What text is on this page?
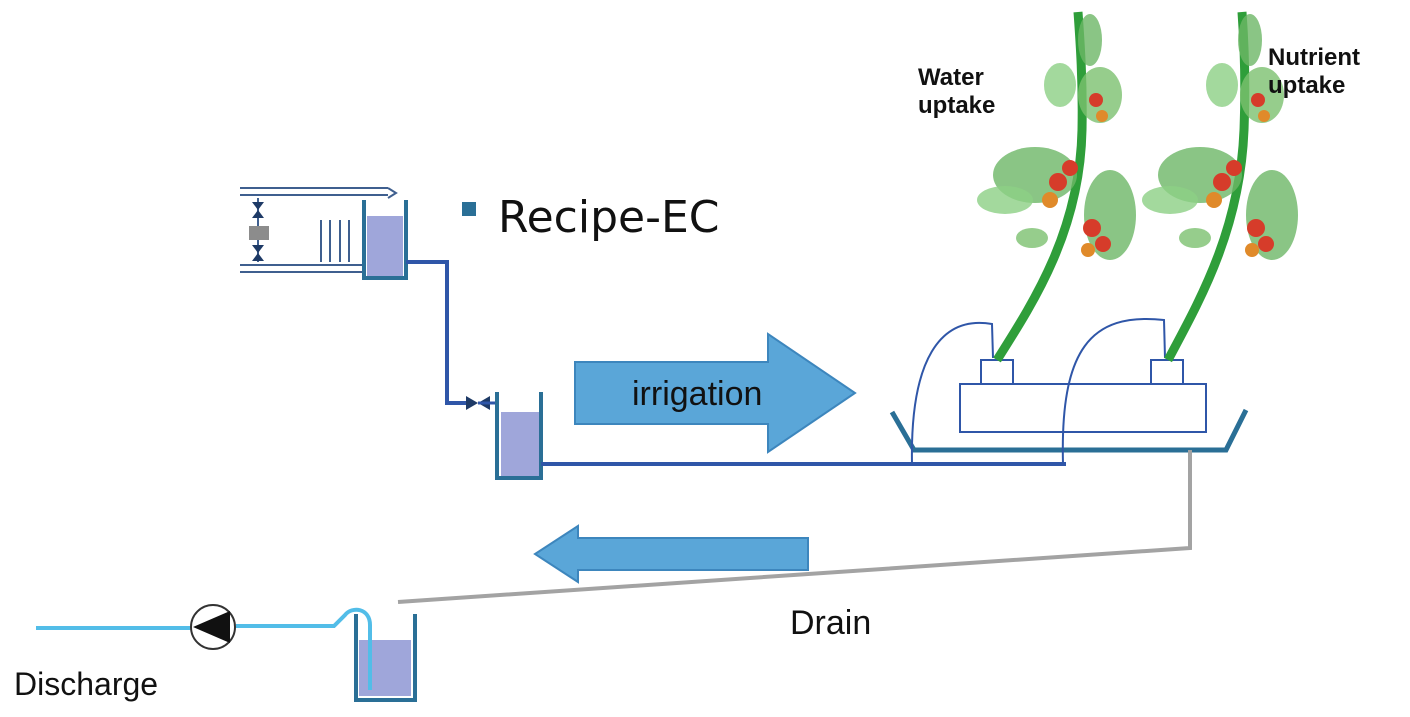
Recipe-EC
irrigation
Drain
Discharge
Water uptake
Nutrient uptake
